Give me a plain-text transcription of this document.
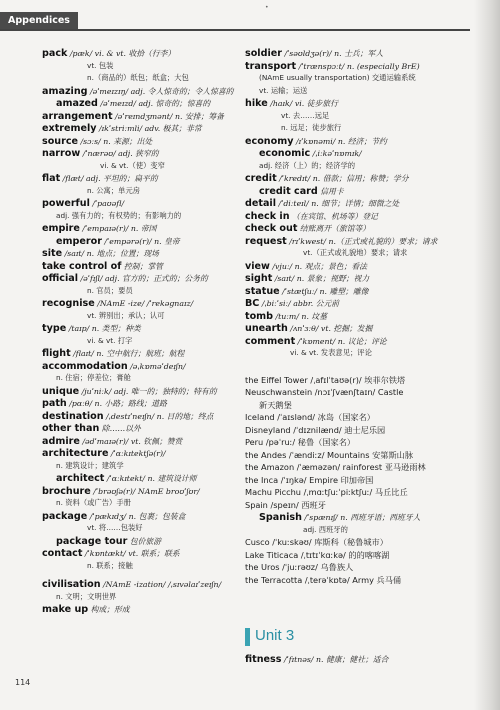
•
Appendices
pack /pæk/ vi. & vt. 收拾（行李）
vt. 包装
n.（商品的）纸包；纸盒；大包
amazing /əˈmeɪzɪŋ/ adj. 令人惊奇的；令人惊喜的
amazed /əˈmeɪzd/ adj. 惊奇的；惊喜的
arrangement /əˈreɪndʒmənt/ n. 安排；筹备
extremely /ɪkˈstriːmli/ adv. 极其；非常
source /sɔːs/ n. 来源；出处
narrow /ˈnærəʊ/ adj. 狭窄的
vi. & vt.（使）变窄
flat /flæt/ adj. 平坦的；扁平的
n. 公寓；单元房
powerful /ˈpaʊəfl/
adj. 强有力的；有权势的；有影响力的
empire /ˈempaɪə(r)/ n. 帝国
emperor /ˈempərə(r)/ n. 皇帝
site /saɪt/ n. 地点；位置；现场
take control of 控制；掌管
official /əˈfɪʃl/ adj. 官方的；正式的；公务的
n. 官员；要员
recognise /NAmE -ize/ /ˈrekəɡnaɪz/
vt. 辨别出；承认；认可
type /taɪp/ n. 类型；种类
vi. & vt. 打字
flight /flaɪt/ n. 空中航行；航班；航程
accommodation /əˌkɒməˈdeɪʃn/
n. 住宿；停差位；膏舱
unique /juˈniːk/ adj. 唯一的；独特的；特有的
path /pɑːθ/ n. 小路；路线；道路
destination /ˌdestɪˈneɪʃn/ n. 目的地；终点
other than 除……以外
admire /ədˈmaɪə(r)/ vt. 钦佩；赞赏
architecture /ˈɑːkɪtektʃə(r)/
n. 建筑设计；建筑学
architect /ˈɑːkɪtekt/ n. 建筑设计师
brochure /ˈbrəʊʃə(r)/ NAmE broʊˈʃʊr/
n. 资料（或广告）手册
package /ˈpækɪdʒ/ n. 包裹；包装盒
vt. 将……包装好
package tour 包价旅游
contact /ˈkɒntækt/ vt. 联系；联系
n. 联系；接触
civilisation /NAmE -ization/ /ˌsɪvəlaɪˈzeɪʃn/
n. 文明；文明世界
make up 构成；形成
soldier /ˈsəʊldʒə(r)/ n. 士兵；军人
transport /ˈtrænspɔːt/ n. (especially BrE)
(NAmE usually transportation) 交通运输系统
vt. 运输；运送
hike /haɪk/ vi. 徒步旅行
vt. 去……远足
n. 远足；徒步旅行
economy /ɪˈkɒnəmi/ n. 经济；节约
economic /ˌiːkəˈnɒmɪk/
adj. 经济（上）的；经济学的
credit /ˈkredɪt/ n. 借款；信用；称赞；学分
credit card 信用卡
detail /ˈdiːteɪl/ n. 细节；详情；细微之处
check in （在宾馆、机场等）登记
check out 结账离开（旅馆等）
request /rɪˈkwest/ n.（正式或礼貌的）要求；请求
vt.（正式或礼貌地）要求；请求
view /vjuː/ n. 观点；景色；看法
sight /saɪt/ n. 景象；视野；视力
statue /ˈstætʃuː/ n. 雕塑；雕像
BC /ˌbiːˈsiː/ abbr. 公元前
tomb /tuːm/ n. 坟墓
unearth /ʌnˈɜːθ/ vt. 挖掘；发掘
comment /ˈkɒment/ n. 议论；评论
vi. & vt. 发表意见；评论
the Eiffel Tower /ˌafɪlˈtaʊə(r)/ 埃菲尔铁塔
Neuschwanstein /nɔɪˈʃvænʃtaɪn/ Castle
新天鹅堡
Iceland /ˈaɪslənd/ 冰岛（国家名）
Disneyland /ˈdɪznilænd/ 迪士尼乐园
Peru /pəˈruː/ 秘鲁（国家名）
the Andes /ˈændiːz/ Mountains 安第斯山脉
the Amazon /ˈæməzən/ rainforest 亚马逊雨林
the Inca /ˈɪŋkə/ Empire 印加帝国
Machu Picchu /ˌmɑːtʃuːˈpiːktʃuː/ 马丘比丘
Spain /speɪn/ 西班牙
Spanish /ˈspænɪʃ/ n. 西班牙语；西班牙人
adj. 西班牙的
Cusco /ˈkuːskəʊ/ 库斯科（秘鲁城市）
Lake Titicaca /ˌtɪtɪˈkɑːkə/ 的的喀喀湖
the Uros /ˈjuːrəʊz/ 乌鲁族人
the Terracotta /ˌterəˈkɒtə/ Army 兵马俑
Unit 3
fitness /ˈfɪtnəs/ n. 健康；健社；适合
114
